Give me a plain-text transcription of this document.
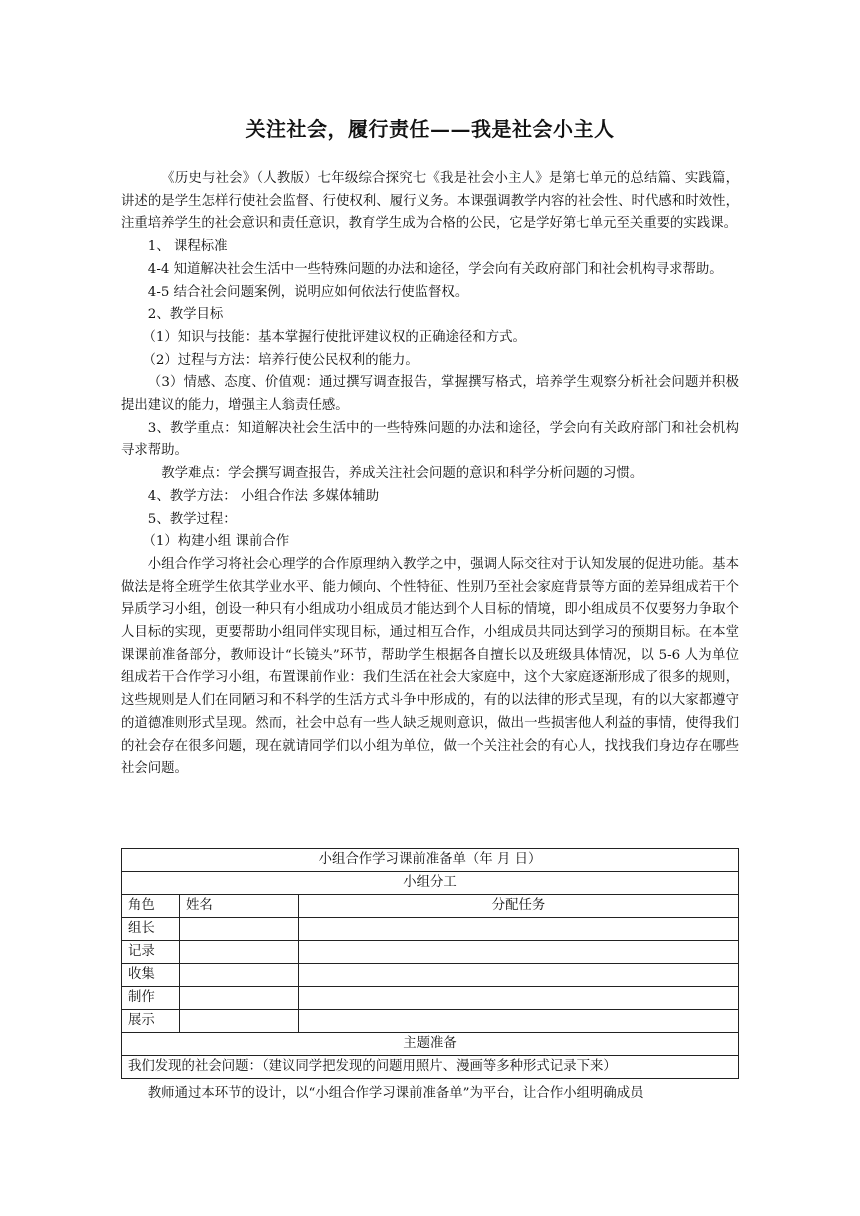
关注社会，履行责任——我是社会小主人

《历史与社会》（人教版）七年级综合探究七《我是社会小主人》是第七单元的总结篇、实践篇，讲述的是学生怎样行使社会监督、行使权利、履行义务。本课强调教学内容的社会性、时代感和时效性，注重培养学生的社会意识和责任意识，教育学生成为合格的公民，它是学好第七单元至关重要的实践课。

1、 课程标准

4-4 知道解决社会生活中一些特殊问题的办法和途径，学会向有关政府部门和社会机构寻求帮助。

4-5 结合社会问题案例，说明应如何依法行使监督权。

2、教学目标

（1）知识与技能：基本掌握行使批评建议权的正确途径和方式。

（2）过程与方法：培养行使公民权利的能力。

（3）情感、态度、价值观：通过撰写调查报告，掌握撰写格式，培养学生观察分析社会问题并积极提出建议的能力，增强主人翁责任感。

3、教学重点：知道解决社会生活中的一些特殊问题的办法和途径，学会向有关政府部门和社会机构寻求帮助。

教学难点：学会撰写调查报告，养成关注社会问题的意识和科学分析问题的习惯。

4、教学方法： 小组合作法 多媒体辅助

5、教学过程：

（1）构建小组 课前合作

小组合作学习将社会心理学的合作原理纳入教学之中，强调人际交往对于认知发展的促进功能。基本做法是将全班学生依其学业水平、能力倾向、个性特征、性别乃至社会家庭背景等方面的差异组成若干个异质学习小组，创设一种只有小组成功小组成员才能达到个人目标的情境，即小组成员不仅要努力争取个人目标的实现，更要帮助小组同伴实现目标，通过相互合作，小组成员共同达到学习的预期目标。在本堂课课前准备部分，教师设计“长镜头”环节，帮助学生根据各自擅长以及班级具体情况，以 5-6 人为单位组成若干合作学习小组，布置课前作业：我们生活在社会大家庭中，这个大家庭逐渐形成了很多的规则，这些规则是人们在同陋习和不科学的生活方式斗争中形成的，有的以法律的形式呈现，有的以大家都遵守的道德准则形式呈现。然而，社会中总有一些人缺乏规则意识，做出一些损害他人利益的事情，使得我们的社会存在很多问题，现在就请同学们以小组为单位，做一个关注社会的有心人，找找我们身边存在哪些社会问题。

小组合作学习课前准备单（年 月 日）		
小组分工		
角色	姓名	分配任务
组长		
记录		
收集		
制作		
展示		
主题准备		
我们发现的社会问题：（建议同学把发现的问题用照片、漫画等多种形式记录下来）		
教师通过本环节的设计，以“小组合作学习课前准备单”为平台，让合作小组明确成员
